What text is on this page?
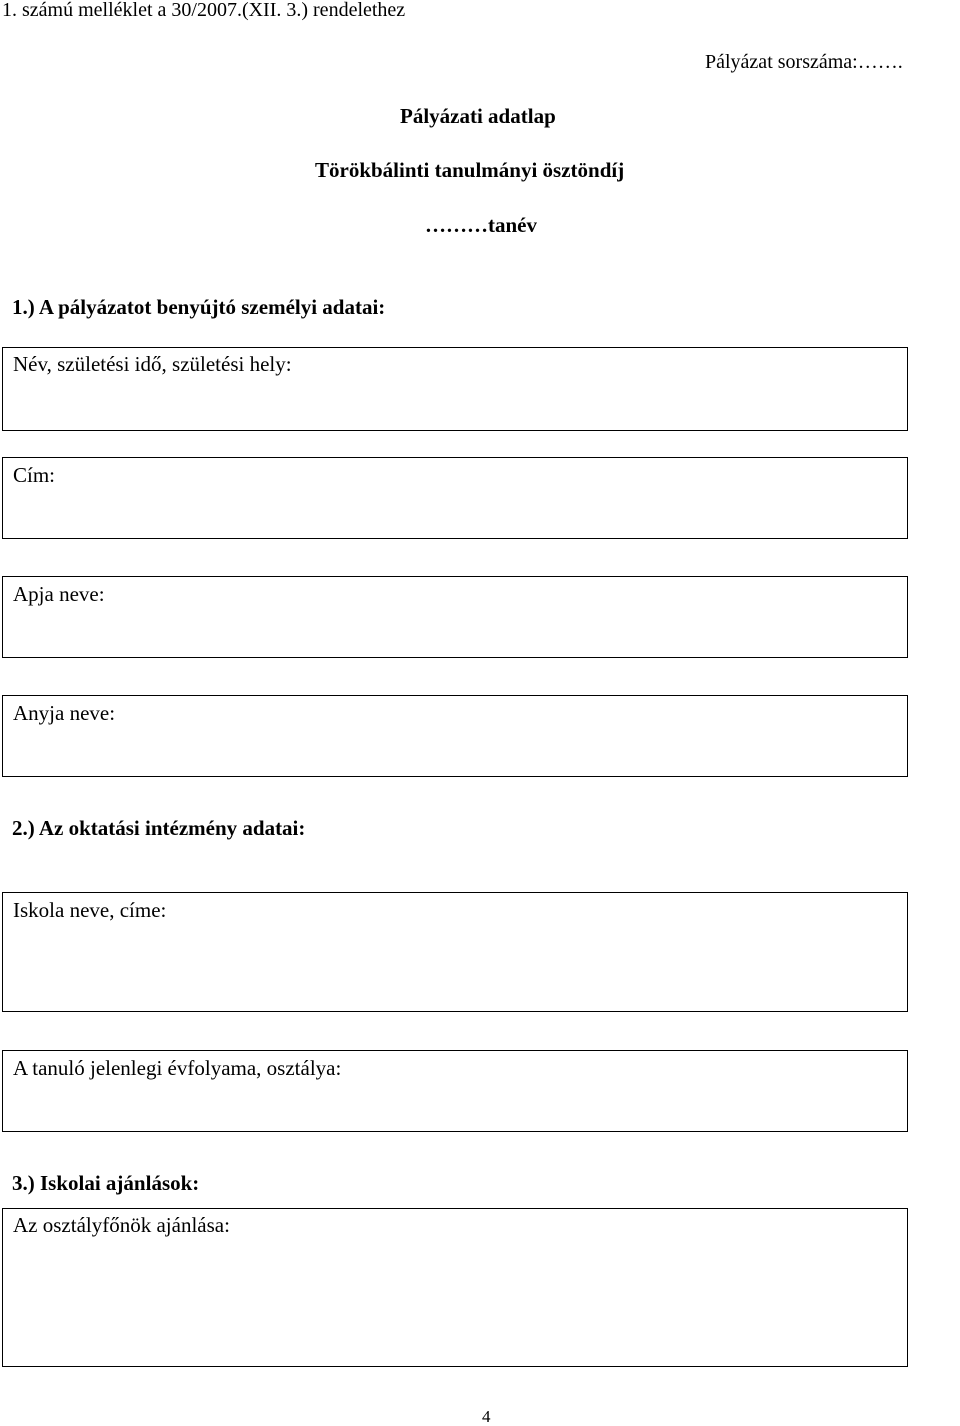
1. számú melléklet a 30/2007.(XII. 3.) rendelethez
Pályázat sorszáma:…….
Pályázati adatlap
Törökbálinti tanulmányi ösztöndíj
………tanév
1.) A pályázatot benyújtó személyi adatai:
Név, születési idő, születési hely:
Cím:
Apja neve:
Anyja neve:
2.) Az oktatási intézmény adatai:
Iskola neve, címe:
A tanuló jelenlegi évfolyama, osztálya:
3.) Iskolai ajánlások:
Az osztályfőnök ajánlása:
4
